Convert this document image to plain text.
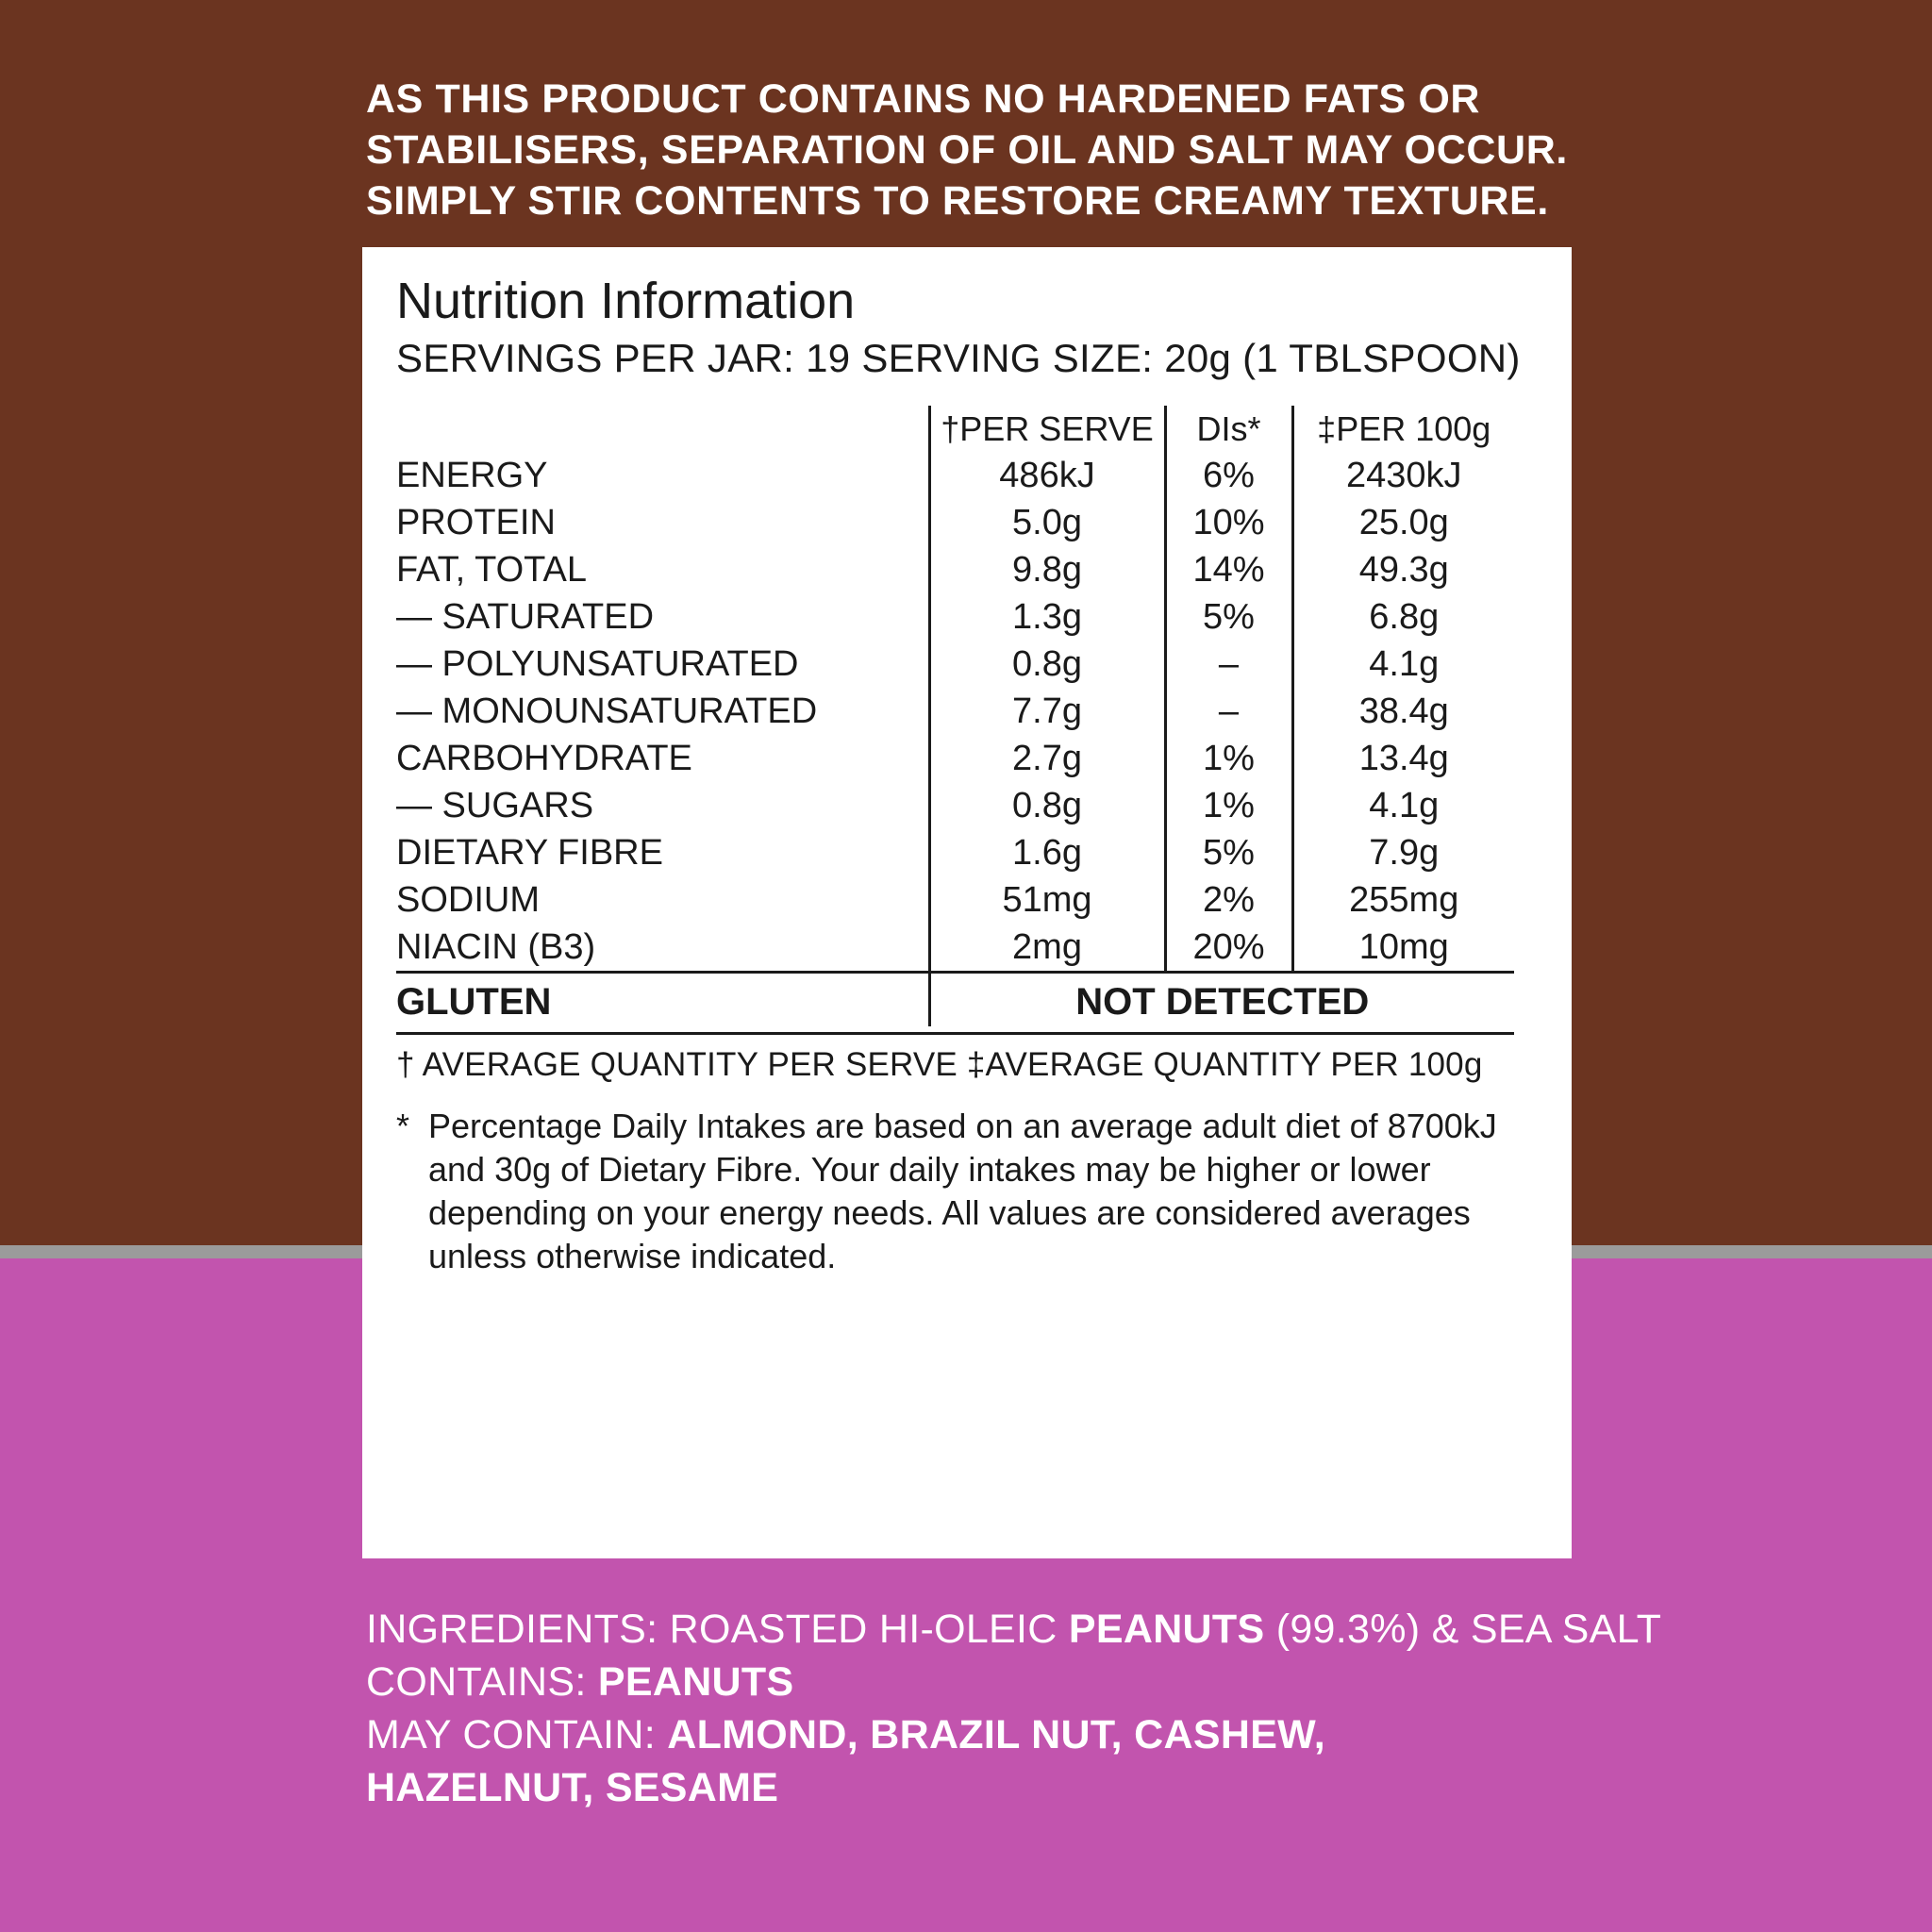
AS THIS PRODUCT CONTAINS NO HARDENED FATS OR
STABILISERS, SEPARATION OF OIL AND SALT MAY OCCUR.
SIMPLY STIR CONTENTS TO RESTORE CREAMY TEXTURE.
Nutrition Information
SERVINGS PER JAR: 19 SERVING SIZE: 20g (1 TBLSPOON)
	†PER SERVE	DIs*	‡PER 100g
ENERGY	486kJ	6%	2430kJ
PROTEIN	5.0g	10%	25.0g
FAT, TOTAL	9.8g	14%	49.3g
— SATURATED	1.3g	5%	6.8g
— POLYUNSATURATED	0.8g	–	4.1g
— MONOUNSATURATED	7.7g	–	38.4g
CARBOHYDRATE	2.7g	1%	13.4g
— SUGARS	0.8g	1%	4.1g
DIETARY FIBRE	1.6g	5%	7.9g
SODIUM	51mg	2%	255mg
NIACIN (B3)	2mg	20%	10mg
GLUTEN	NOT DETECTED		
† AVERAGE QUANTITY PER SERVE ‡AVERAGE QUANTITY PER 100g
* Percentage Daily Intakes are based on an average adult diet of 8700kJ and 30g of Dietary Fibre. Your daily intakes may be higher or lower depending on your energy needs. All values are considered averages unless otherwise indicated.
INGREDIENTS: ROASTED HI-OLEIC PEANUTS (99.3%) & SEA SALT
CONTAINS: PEANUTS
MAY CONTAIN: ALMOND, BRAZIL NUT, CASHEW,
HAZELNUT, SESAME
